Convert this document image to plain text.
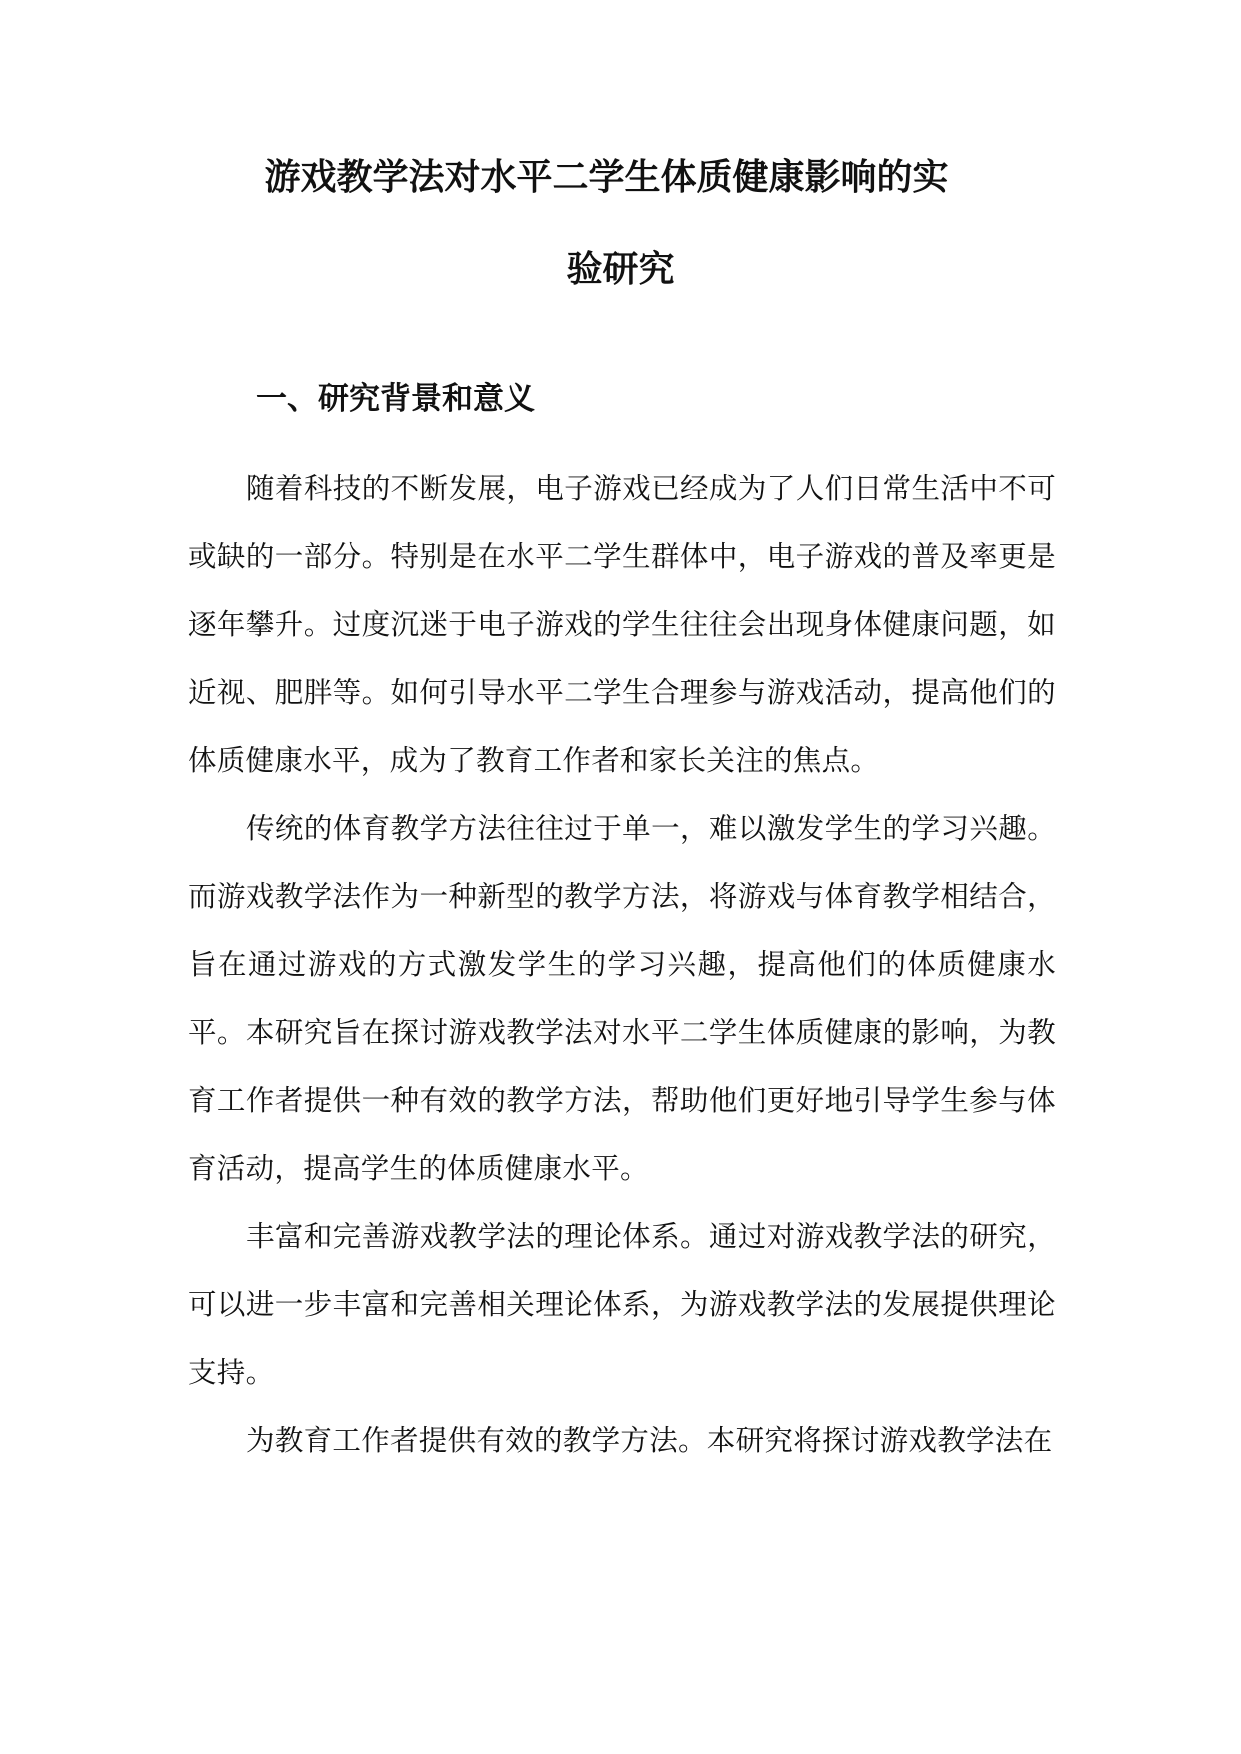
游戏教学法对水平二学生体质健康影响的实
验研究
一、研究背景和意义

随着科技的不断发展，电子游戏已经成为了人们日常生活中不可或缺的一部分。特别是在水平二学生群体中，电子游戏的普及率更是逐年攀升。过度沉迷于电子游戏的学生往往会出现身体健康问题，如近视、肥胖等。如何引导水平二学生合理参与游戏活动，提高他们的体质健康水平，成为了教育工作者和家长关注的焦点。

传统的体育教学方法往往过于单一，难以激发学生的学习兴趣。而游戏教学法作为一种新型的教学方法，将游戏与体育教学相结合，旨在通过游戏的方式激发学生的学习兴趣，提高他们的体质健康水平。本研究旨在探讨游戏教学法对水平二学生体质健康的影响，为教育工作者提供一种有效的教学方法，帮助他们更好地引导学生参与体育活动，提高学生的体质健康水平。

丰富和完善游戏教学法的理论体系。通过对游戏教学法的研究，可以进一步丰富和完善相关理论体系，为游戏教学法的发展提供理论支持。

为教育工作者提供有效的教学方法。本研究将探讨游戏教学法在
